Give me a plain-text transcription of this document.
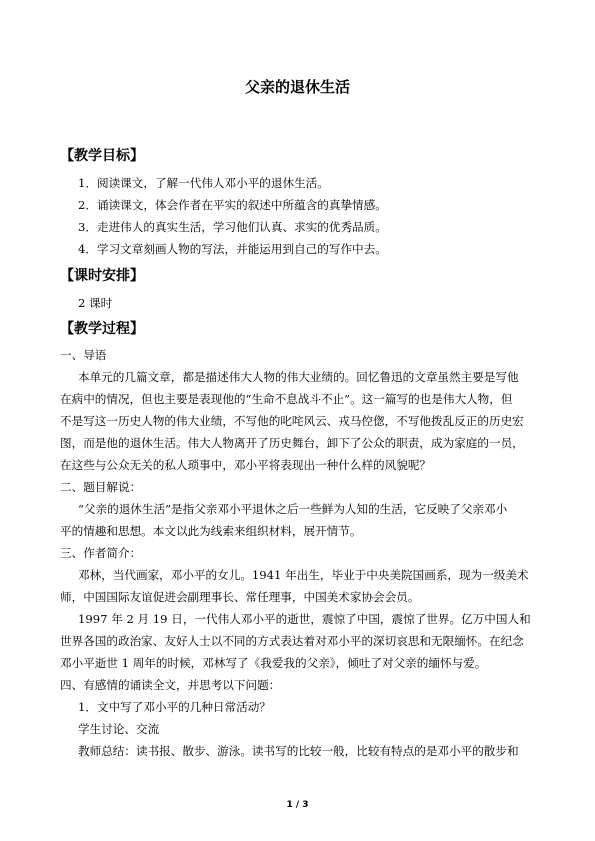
父亲的退休生活
【教学目标】
1．阅读课文，了解一代伟人邓小平的退休生活。
2．诵读课文，体会作者在平实的叙述中所蕴含的真挚情感。
3．走进伟人的真实生活，学习他们认真、求实的优秀品质。
4．学习文章刻画人物的写法，并能运用到自己的写作中去。
【课时安排】
2 课时
【教学过程】
一、导语
本单元的几篇文章，都是描述伟大人物的伟大业绩的。回忆鲁迅的文章虽然主要是写他
在病中的情况，但也主要是表现他的“生命不息战斗不止”。这一篇写的也是伟大人物，但
不是写这一历史人物的伟大业绩，不写他的叱咤风云、戎马倥偬，不写他拨乱反正的历史宏
图，而是他的退休生活。伟大人物离开了历史舞台，卸下了公众的职责，成为家庭的一员，
在这些与公众无关的私人琐事中，邓小平将表现出一种什么样的风貌呢？
二、题目解说：
“父亲的退休生活”是指父亲邓小平退休之后一些鲜为人知的生活，它反映了父亲邓小
平的情趣和思想。本文以此为线索来组织材料，展开情节。
三、作者简介：
邓林，当代画家，邓小平的女儿。1941 年出生，毕业于中央美院国画系，现为一级美术
师，中国国际友谊促进会副理事长、常任理事，中国美术家协会会员。
1997 年 2 月 19 日，一代伟人邓小平的逝世，震惊了中国，震惊了世界。亿万中国人和
世界各国的政治家、友好人士以不同的方式表达着对邓小平的深切哀思和无限缅怀。在纪念
邓小平逝世 1 周年的时候，邓林写了《我爱我的父亲》，倾吐了对父亲的缅怀与爱。
四、有感情的诵读全文，并思考以下问题：
1．文中写了邓小平的几种日常活动？
学生讨论、交流
教师总结：读书报、散步、游泳。读书写的比较一般，比较有特点的是邓小平的散步和
1 / 3
